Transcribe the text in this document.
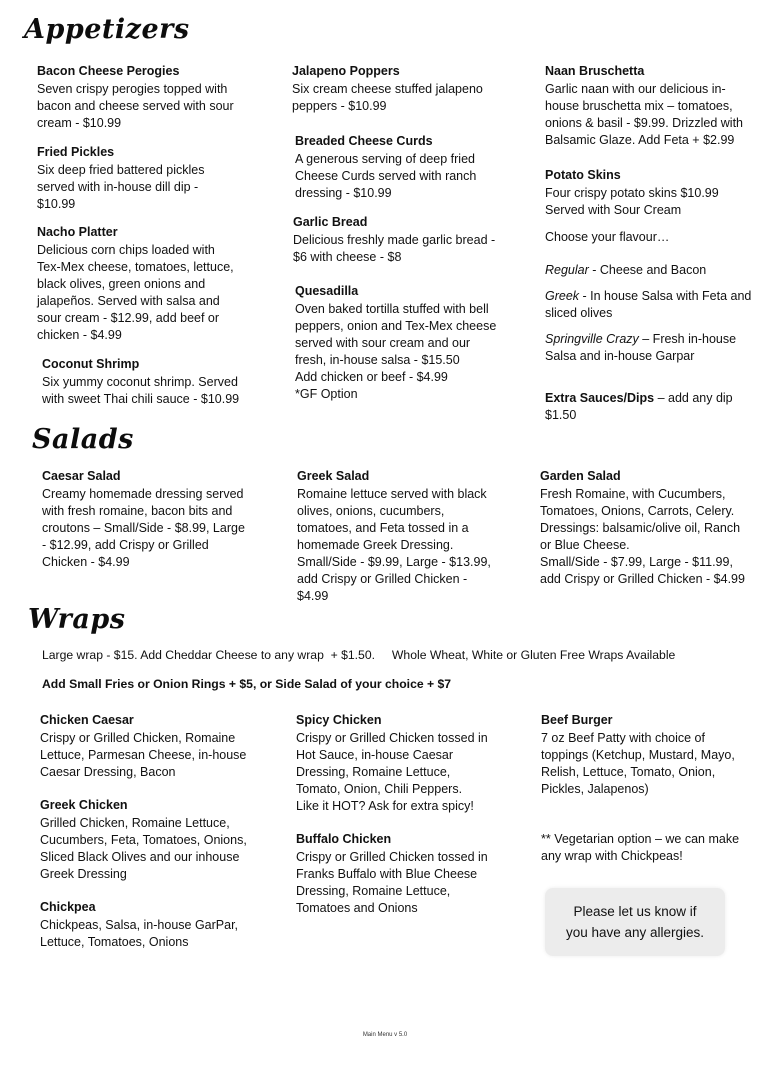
Appetizers
Bacon Cheese Perogies
Seven crispy perogies topped with
bacon and cheese served with sour
cream - $10.99
Fried Pickles
Six deep fried battered pickles
served with in-house dill dip -
$10.99
Nacho Platter
Delicious corn chips loaded with
Tex-Mex cheese, tomatoes, lettuce,
black olives, green onions and
jalapeños. Served with salsa and
sour cream - $12.99, add beef or
chicken - $4.99
Coconut Shrimp
Six yummy coconut shrimp. Served
with sweet Thai chili sauce - $10.99
Jalapeno Poppers
Six cream cheese stuffed jalapeno
peppers - $10.99
Breaded Cheese Curds
A generous serving of deep fried
Cheese Curds served with ranch
dressing - $10.99
Garlic Bread
Delicious freshly made garlic bread -
$6 with cheese - $8
Quesadilla
Oven baked tortilla stuffed with bell
peppers, onion and Tex-Mex cheese
served with sour cream and our
fresh, in-house salsa - $15.50
Add chicken or beef - $4.99
*GF Option
Naan Bruschetta
Garlic naan with our delicious in-
house bruschetta mix – tomatoes,
onions & basil - $9.99. Drizzled with
Balsamic Glaze. Add Feta + $2.99
Potato Skins
Four crispy potato skins $10.99
Served with Sour Cream
Choose your flavour…
Regular - Cheese and Bacon
Greek - In house Salsa with Feta and
sliced olives
Springville Crazy – Fresh in-house
Salsa and in-house Garpar
Extra Sauces/Dips – add any dip
$1.50
Salads
Caesar Salad
Creamy homemade dressing served
with fresh romaine, bacon bits and
croutons – Small/Side - $8.99, Large
- $12.99, add Crispy or Grilled
Chicken - $4.99
Greek Salad
Romaine lettuce served with black
olives, onions, cucumbers,
tomatoes, and Feta tossed in a
homemade Greek Dressing.
Small/Side - $9.99, Large - $13.99,
add Crispy or Grilled Chicken -
$4.99
Garden Salad
Fresh Romaine, with Cucumbers,
Tomatoes, Onions, Carrots, Celery.
Dressings: balsamic/olive oil, Ranch
or Blue Cheese.
Small/Side - $7.99, Large - $11.99,
add Crispy or Grilled Chicken - $4.99
Wraps
Large wrap - $15. Add Cheddar Cheese to any wrap  + $1.50.     Whole Wheat, White or Gluten Free Wraps Available
Add Small Fries or Onion Rings + $5, or Side Salad of your choice + $7
Chicken Caesar
Crispy or Grilled Chicken, Romaine
Lettuce, Parmesan Cheese, in-house
Caesar Dressing, Bacon
Greek Chicken
Grilled Chicken, Romaine Lettuce,
Cucumbers, Feta, Tomatoes, Onions,
Sliced Black Olives and our inhouse
Greek Dressing
Chickpea
Chickpeas, Salsa, in-house GarPar,
Lettuce, Tomatoes, Onions
Spicy Chicken
Crispy or Grilled Chicken tossed in
Hot Sauce, in-house Caesar
Dressing, Romaine Lettuce,
Tomato, Onion, Chili Peppers.
Like it HOT? Ask for extra spicy!
Buffalo Chicken
Crispy or Grilled Chicken tossed in
Franks Buffalo with Blue Cheese
Dressing, Romaine Lettuce,
Tomatoes and Onions
Beef Burger
7 oz Beef Patty with choice of
toppings (Ketchup, Mustard, Mayo,
Relish, Lettuce, Tomato, Onion,
Pickles, Jalapenos)
** Vegetarian option – we can make
any wrap with Chickpeas!
Please let us know if
you have any allergies.
Main Menu v 5.0
